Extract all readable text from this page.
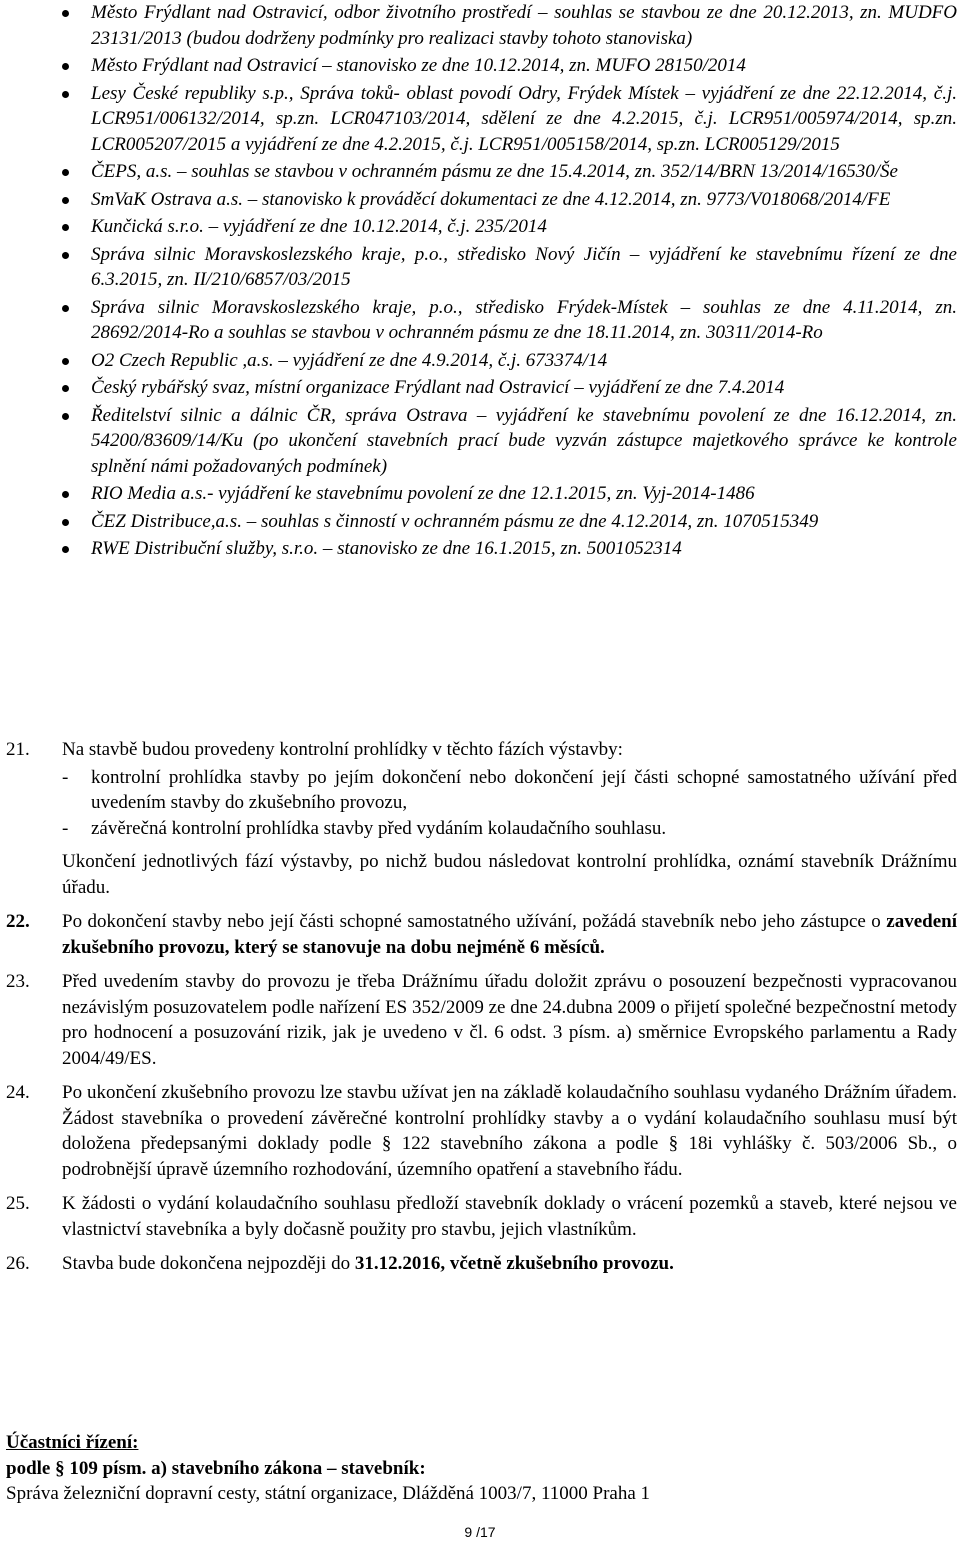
Město Frýdlant nad Ostravicí, odbor životního prostředí – souhlas se stavbou ze dne 20.12.2013, zn. MUDFO 23131/2013 (budou dodrženy podmínky pro realizaci stavby tohoto stanoviska)
Město Frýdlant nad Ostravicí – stanovisko ze dne 10.12.2014, zn. MUFO 28150/2014
Lesy České republiky s.p., Správa toků- oblast povodí Odry, Frýdek Místek – vyjádření ze dne 22.12.2014, č.j. LCR951/006132/2014, sp.zn. LCR047103/2014, sdělení ze dne 4.2.2015, č.j. LCR951/005974/2014, sp.zn. LCR005207/2015 a vyjádření ze dne 4.2.2015, č.j. LCR951/005158/2014, sp.zn. LCR005129/2015
ČEPS, a.s. – souhlas se stavbou v ochranném pásmu ze dne 15.4.2014, zn. 352/14/BRN 13/2014/16530/Še
SmVaK Ostrava a.s. – stanovisko k prováděcí dokumentaci ze dne 4.12.2014, zn. 9773/V018068/2014/FE
Kunčická s.r.o. – vyjádření ze dne 10.12.2014, č.j. 235/2014
Správa silnic Moravskoslezského kraje, p.o., středisko Nový Jičín – vyjádření ke stavebnímu řízení ze dne 6.3.2015, zn. II/210/6857/03/2015
Správa silnic Moravskoslezského kraje, p.o., středisko Frýdek-Místek – souhlas ze dne 4.11.2014, zn. 28692/2014-Ro a souhlas se stavbou v ochranném pásmu ze dne 18.11.2014, zn. 30311/2014-Ro
O2 Czech Republic ,a.s. – vyjádření ze dne 4.9.2014, č.j. 673374/14
Český rybářský svaz, místní organizace Frýdlant nad Ostravicí – vyjádření ze dne 7.4.2014
Ředitelství silnic a dálnic ČR, správa Ostrava – vyjádření ke stavebnímu povolení ze dne 16.12.2014, zn. 54200/83609/14/Ku (po ukončení stavebních prací bude vyzván zástupce majetkového správce ke kontrole splnění námi požadovaných podmínek)
RIO Media a.s.- vyjádření ke stavebnímu povolení ze dne 12.1.2015, zn. Vyj-2014-1486
ČEZ Distribuce,a.s. – souhlas s činností v ochranném pásmu ze dne 4.12.2014, zn. 1070515349
RWE Distribuční služby, s.r.o. – stanovisko ze dne 16.1.2015, zn. 5001052314
21. Na stavbě budou provedeny kontrolní prohlídky v těchto fázích výstavby:
- kontrolní prohlídka stavby po jejím dokončení nebo dokončení její části schopné samostatného užívání před uvedením stavby do zkušebního provozu,
- závěrečná kontrolní prohlídka stavby před vydáním kolaudačního souhlasu.
Ukončení jednotlivých fází výstavby, po nichž budou následovat kontrolní prohlídka, oznámí stavebník Drážnímu úřadu.
22. Po dokončení stavby nebo její části schopné samostatného užívání, požádá stavebník nebo jeho zástupce o zavedení zkušebního provozu, který se stanovuje na dobu nejméně 6 měsíců.
23. Před uvedením stavby do provozu je třeba Drážnímu úřadu doložit zprávu o posouzení bezpečnosti vypracovanou nezávislým posuzovatelem podle nařízení ES 352/2009 ze dne 24.dubna 2009 o přijetí společné bezpečnostní metody pro hodnocení a posuzování rizik, jak je uvedeno v čl. 6 odst. 3 písm. a) směrnice Evropského parlamentu a Rady 2004/49/ES.
24. Po ukončení zkušebního provozu lze stavbu užívat jen na základě kolaudačního souhlasu vydaného Drážním úřadem. Žádost stavebníka o provedení závěrečné kontrolní prohlídky stavby a o vydání kolaudačního souhlasu musí být doložena předepsanými doklady podle § 122 stavebního zákona a podle § 18i vyhlášky č. 503/2006 Sb., o podrobnější úpravě územního rozhodování, územního opatření a stavebního řádu.
25. K žádosti o vydání kolaudačního souhlasu předloží stavebník doklady o vrácení pozemků a staveb, které nejsou ve vlastnictví stavebníka a byly dočasně použity pro stavbu, jejich vlastníkům.
26. Stavba bude dokončena nejpozději do 31.12.2016, včetně zkušebního provozu.
Účastníci řízení:
podle § 109 písm. a) stavebního zákona – stavebník:
Správa železniční dopravní cesty, státní organizace, Dlážděná 1003/7, 11000 Praha 1
9 /17
